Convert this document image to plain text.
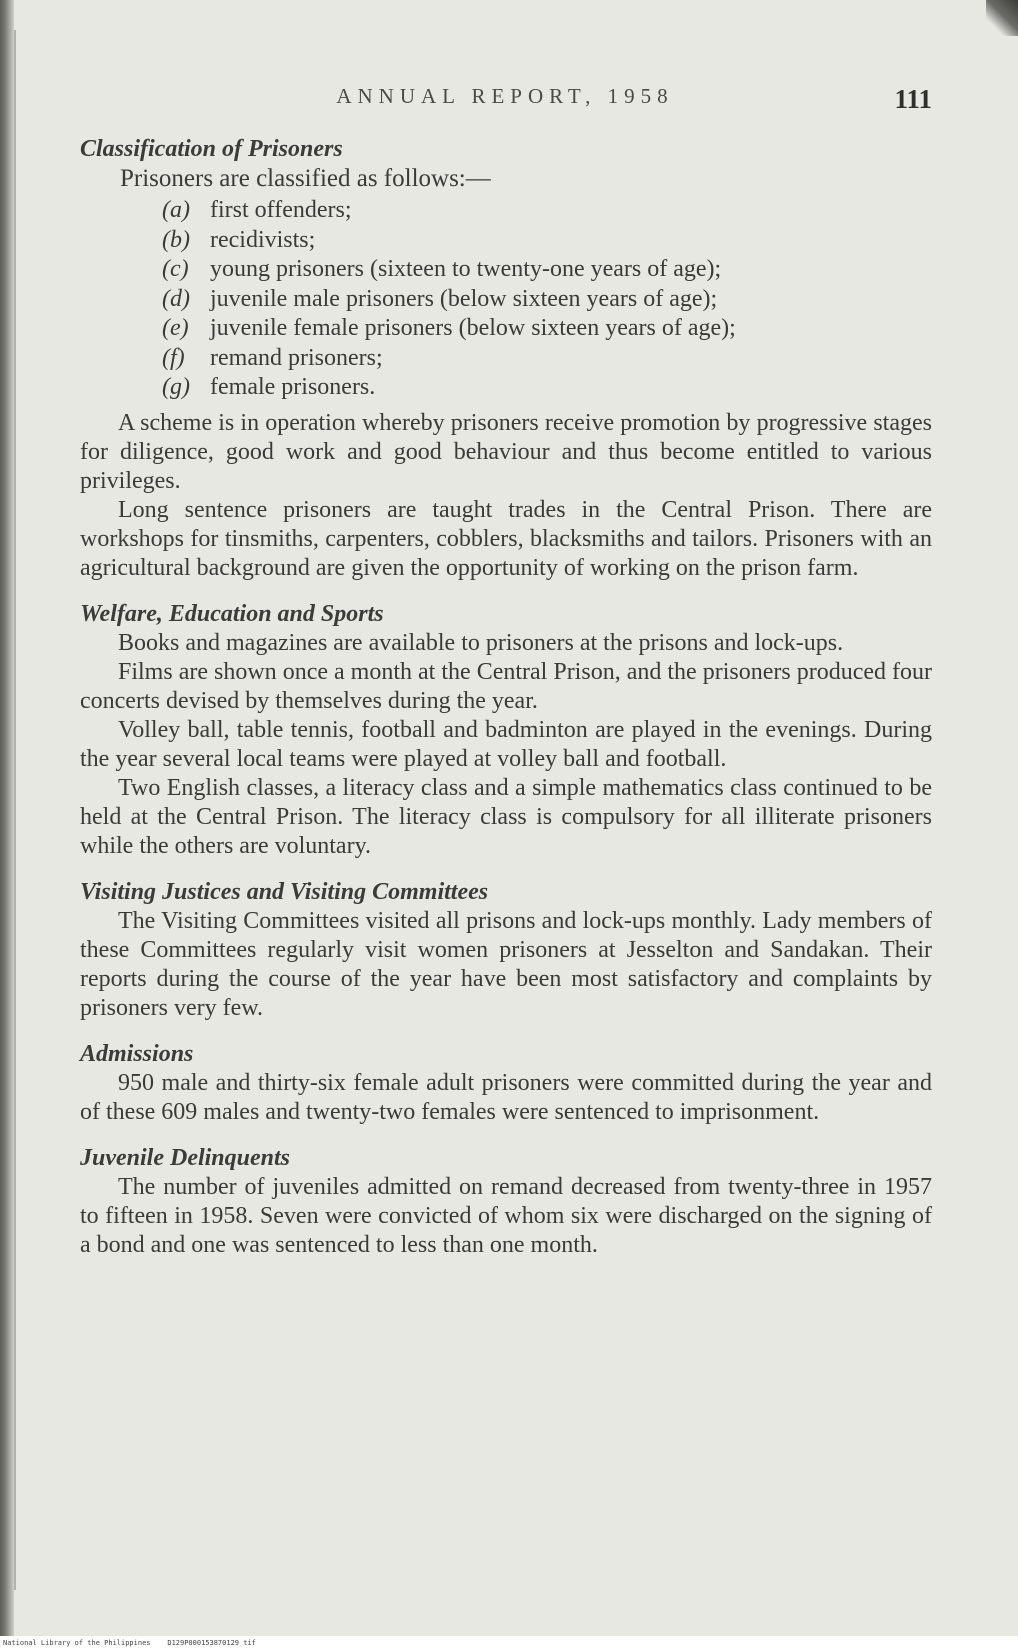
ANNUAL REPORT, 1958	111
Classification of Prisoners

Prisoners are classified as follows:—

(a) first offenders;
(b) recidivists;
(c) young prisoners (sixteen to twenty-one years of age);
(d) juvenile male prisoners (below sixteen years of age);
(e) juvenile female prisoners (below sixteen years of age);
(f)	remand prisoners;
(g) female prisoners.

A scheme is in operation whereby prisoners receive promotion by progressive stages for diligence, good work and good behaviour and thus become entitled to various privileges.

Long sentence prisoners are taught trades in the Central Prison. There are workshops for tinsmiths, carpenters, cobblers, blacksmiths and tailors. Prisoners with an agricultural background are given the opportunity of working on the prison farm.

Welfare, Education and Sports

Books and magazines are available to prisoners at the prisons and lock-ups.

Films are shown once a month at the Central Prison, and the prisoners produced four concerts devised by themselves during the year.

Volley ball, table tennis, football and badminton are played in the evenings. During the year several local teams were played at volley ball and football.

Two English classes, a literacy class and a simple mathematics class continued to be held at the Central Prison. The literacy class is compulsory for all illiterate prisoners while the others are voluntary.

Visiting Justices and Visiting Committees

The Visiting Committees visited all prisons and lock-ups monthly. Lady members of these Committees regularly visit women prisoners at Jesselton and Sandakan. Their reports during the course of the year have been most satisfactory and complaints by prisoners very few.

Admissions

950 male and thirty-six female adult prisoners were committed during the year and of these 609 males and twenty-two females were sentenced to imprisonment.

Juvenile Delinquents

The number of juveniles admitted on remand decreased from twenty-three in 1957 to fifteen in 1958. Seven were convicted of whom six were discharged on the signing of a bond and one was sentenced to less than one month.

National Library of the Philippines    D129P000153870129 tif
